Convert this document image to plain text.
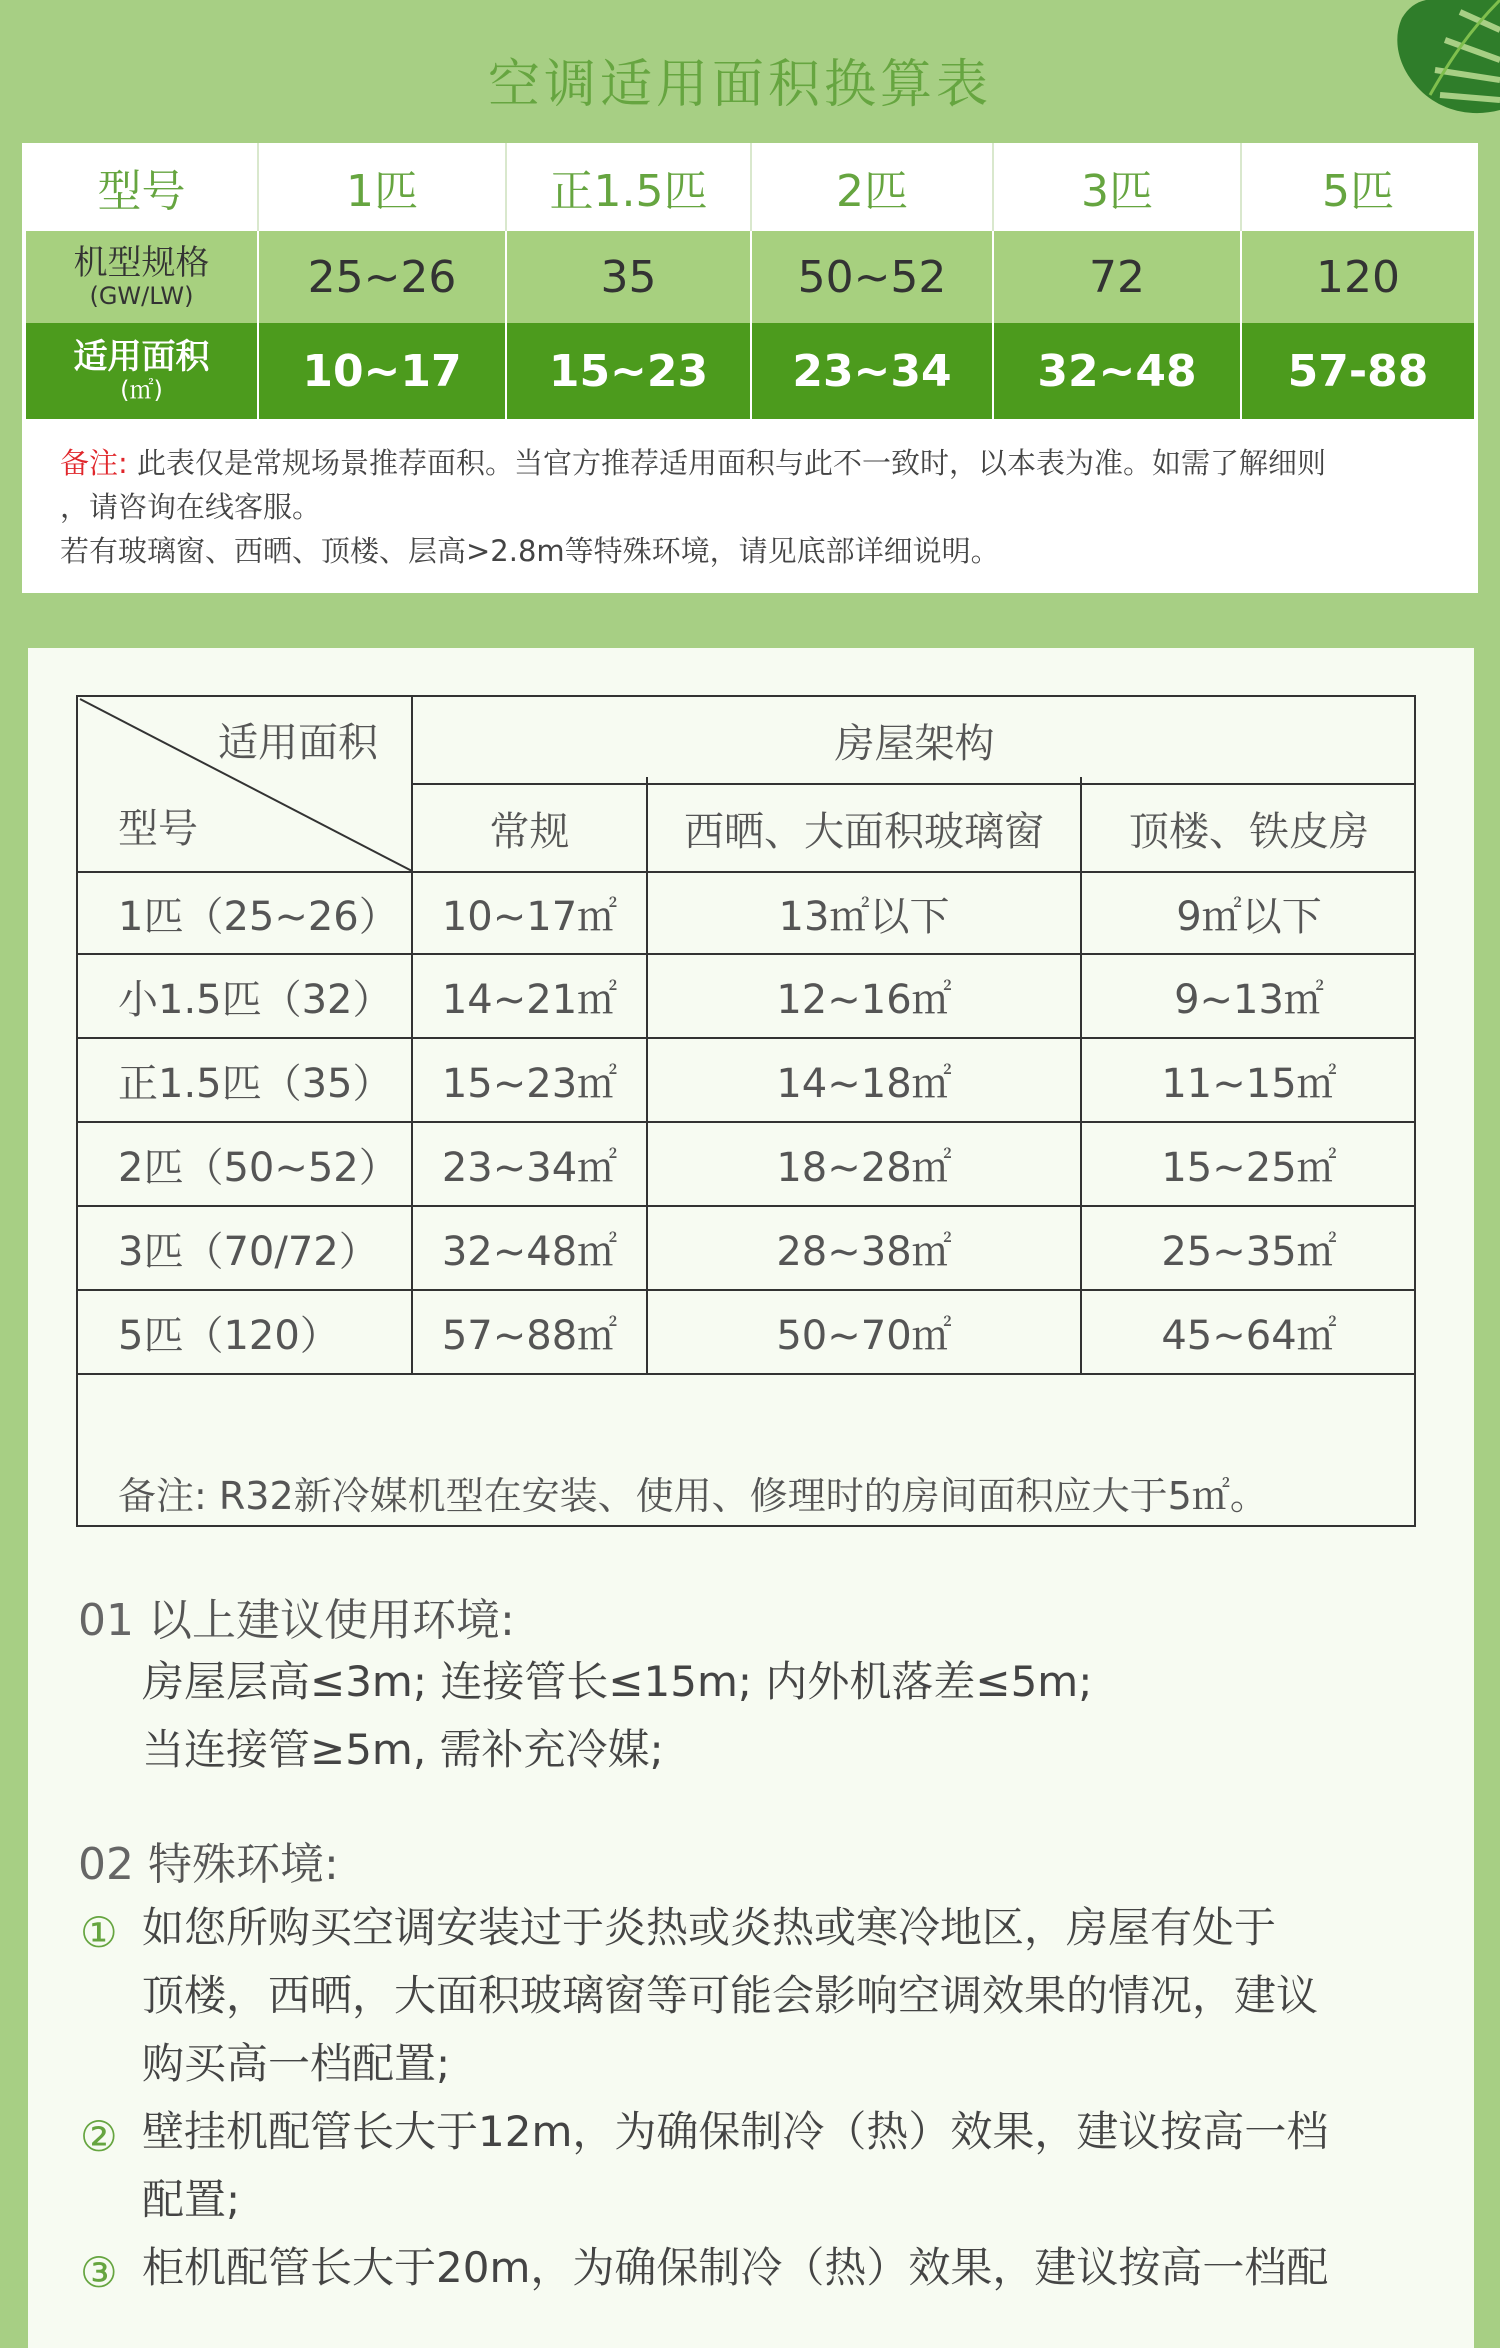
空调适用面积换算表
型号	1匹	正1.5匹	2匹	3匹	5匹

机型规格
(GW/LW)	25~26	35	50~52	72	120

适用面积
(㎡)	10~17	15~23	23~34	32~48	57-88
备注: 此表仅是常规场景推荐面积。当官方推荐适用面积与此不一致时，以本表为准。如需了解细则
，请咨询在线客服。
若有玻璃窗、西晒、顶楼、层高>2.8m等特殊环境，请见底部详细说明。
适用面积
型号
房屋架构
常规	西晒、大面积玻璃窗	顶楼、铁皮房
1匹（25~26）	10~17㎡	13㎡以下	9㎡以下
小1.5匹（32）	14~21㎡	12~16㎡	9~13㎡
正1.5匹（35）	15~23㎡	14~18㎡	11~15㎡
2匹（50~52）	23~34㎡	18~28㎡	15~25㎡
3匹（70/72）	32~48㎡	28~38㎡	25~35㎡
5匹（120）	57~88㎡	50~70㎡	45~64㎡
备注: R32新冷媒机型在安装、使用、修理时的房间面积应大于5㎡。
01 以上建议使用环境:
房屋层高≤3m; 连接管长≤15m; 内外机落差≤5m;
当连接管≥5m, 需补充冷媒;
02 特殊环境:
① 如您所购买空调安装过于炎热或炎热或寒冷地区，房屋有处于
顶楼，西晒，大面积玻璃窗等可能会影响空调效果的情况，建议
购买高一档配置;
② 壁挂机配管长大于12m，为确保制冷（热）效果，建议按高一档
配置;
③ 柜机配管长大于20m，为确保制冷（热）效果，建议按高一档配
